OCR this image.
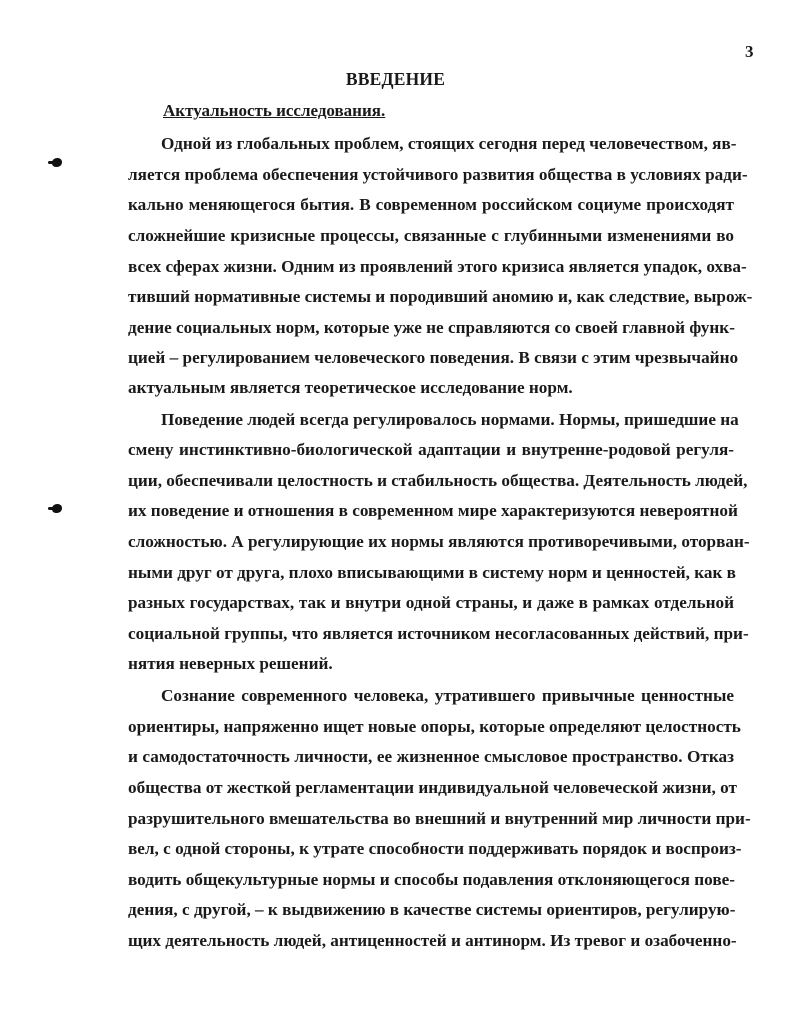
3
ВВЕДЕНИЕ
Актуальность исследования.
Одной из глобальных проблем, стоящих сегодня перед человечеством, яв-
ляется проблема обеспечения устойчивого развития общества в условиях ради-
кально меняющегося бытия. В современном российском социуме происходят
сложнейшие кризисные процессы, связанные с глубинными изменениями во
всех сферах жизни. Одним из проявлений этого кризиса является упадок, охва-
тивший нормативные системы и породивший аномию и, как следствие, вырож-
дение социальных норм, которые уже не справляются со своей главной функ-
цией – регулированием человеческого поведения. В связи с этим чрезвычайно
актуальным является теоретическое исследование норм.
Поведение людей всегда регулировалось нормами. Нормы, пришедшие на
смену инстинктивно-биологической адаптации и внутренне-родовой регуля-
ции, обеспечивали целостность и стабильность общества. Деятельность людей,
их поведение и отношения в современном мире характеризуются невероятной
сложностью. А регулирующие их нормы являются противоречивыми, оторван-
ными друг от друга, плохо вписывающими в систему норм и ценностей, как в
разных государствах, так и внутри одной страны, и даже в рамках отдельной
социальной группы, что является источником несогласованных действий, при-
нятия неверных решений.
Сознание современного человека, утратившего привычные ценностные
ориентиры, напряженно ищет новые опоры, которые определяют целостность
и самодостаточность личности, ее жизненное смысловое пространство. Отказ
общества от жесткой регламентации индивидуальной человеческой жизни, от
разрушительного вмешательства во внешний и внутренний мир личности при-
вел, с одной стороны, к утрате способности поддерживать порядок и воспроиз-
водить общекультурные нормы и способы подавления отклоняющегося пове-
дения, с другой, – к выдвижению в качестве системы ориентиров, регулирую-
щих деятельность людей, антиценностей и антинорм. Из тревог и озабоченно-
